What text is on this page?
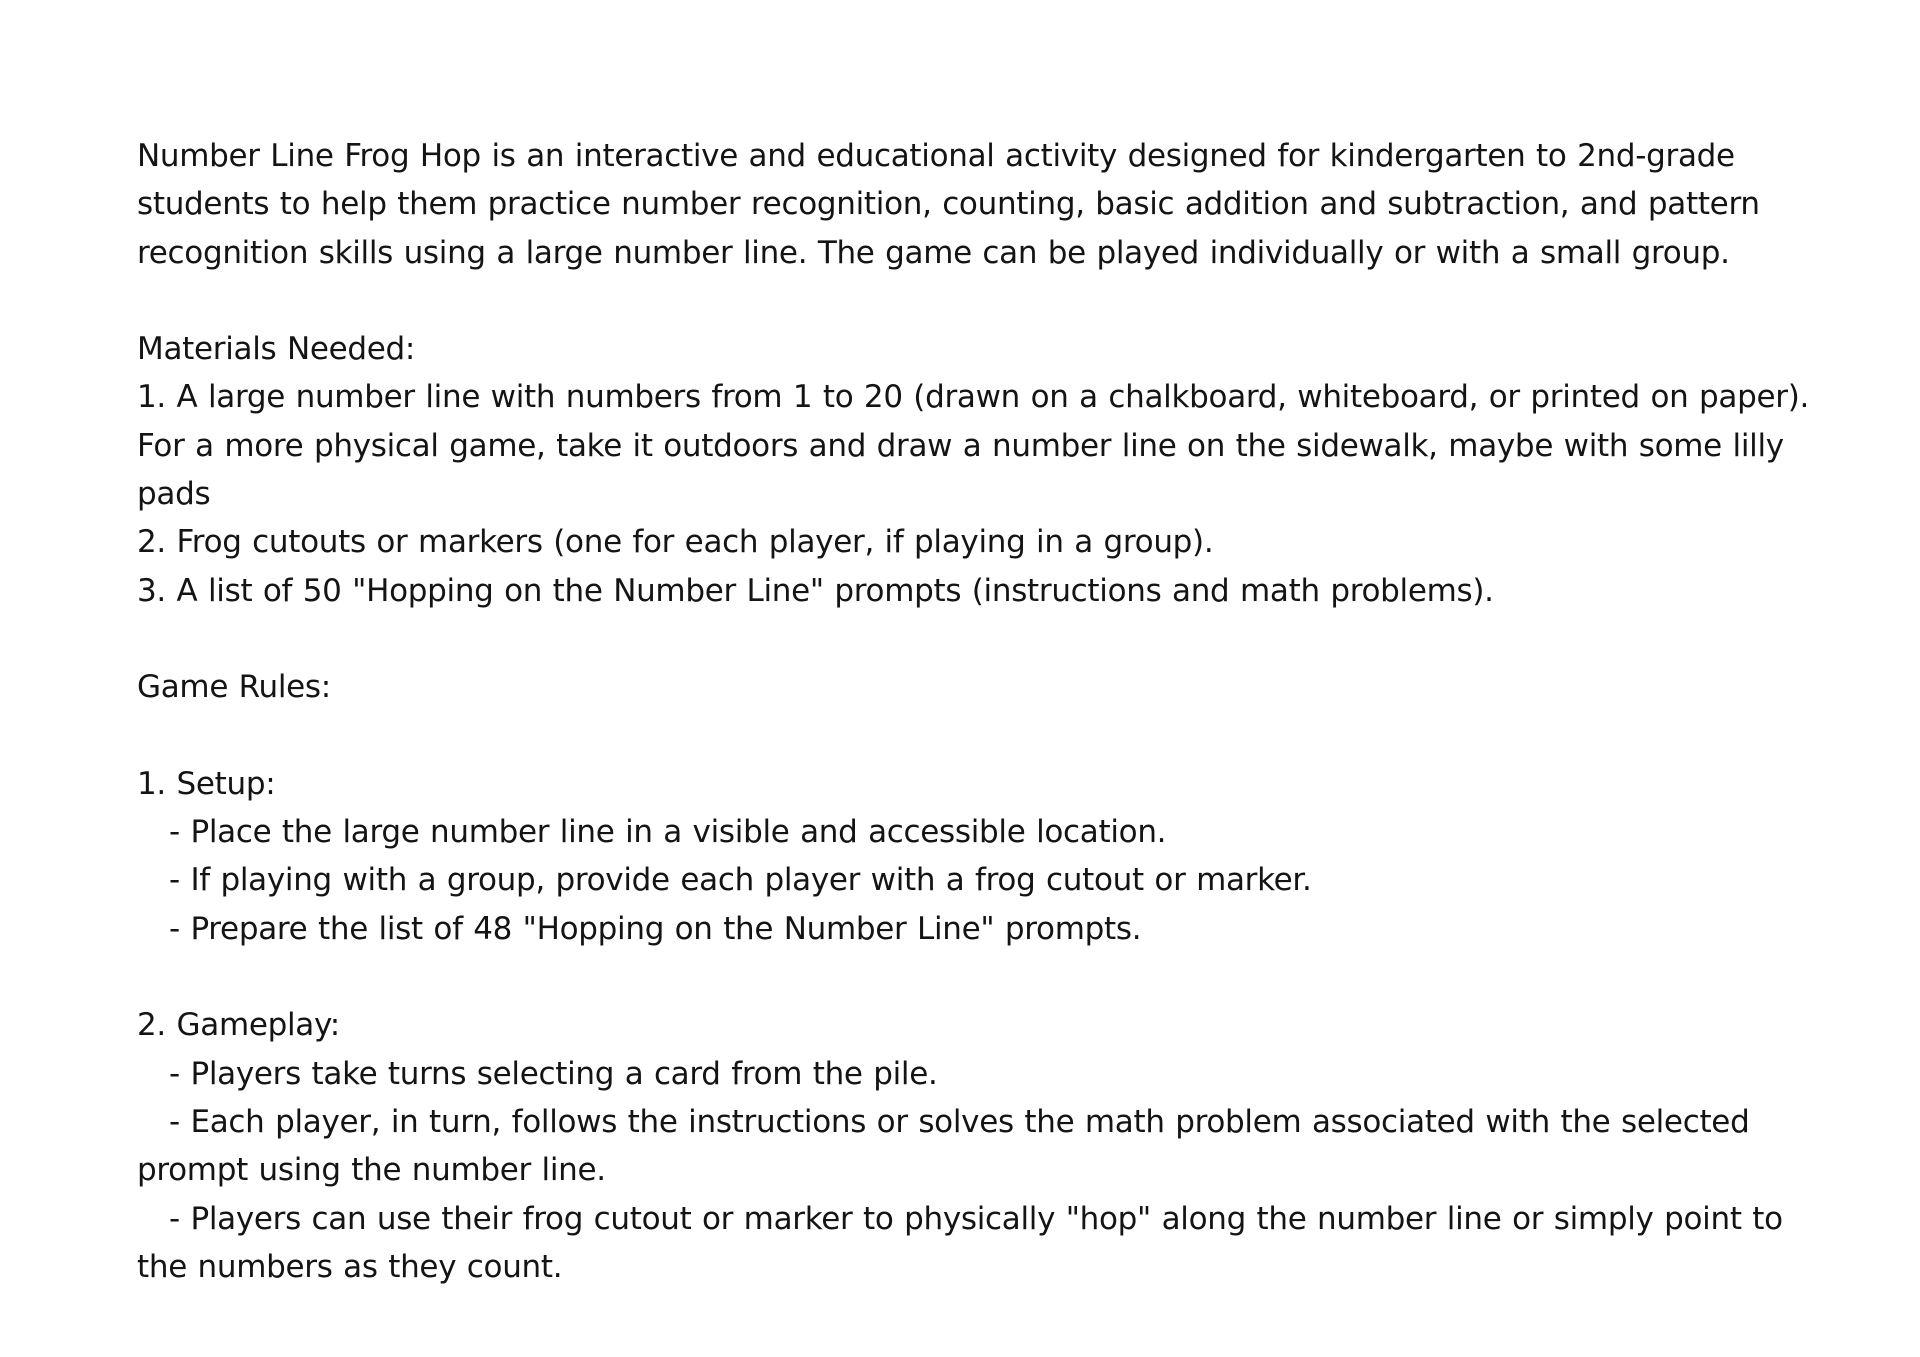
Number Line Frog Hop is an interactive and educational activity designed for kindergarten to 2nd-grade students to help them practice number recognition, counting, basic addition and subtraction, and pattern recognition skills using a large number line. The game can be played individually or with a small group.

Materials Needed:

1. A large number line with numbers from 1 to 20 (drawn on a chalkboard, whiteboard, or printed on paper). For a more physical game, take it outdoors and draw a number line on the sidewalk, maybe with some lilly pads

2. Frog cutouts or markers (one for each player, if playing in a group).

3. A list of 50 "Hopping on the Number Line" prompts (instructions and math problems).

Game Rules:

1. Setup:

- Place the large number line in a visible and accessible location.

- If playing with a group, provide each player with a frog cutout or marker.

- Prepare the list of 48 "Hopping on the Number Line" prompts.

2. Gameplay:

- Players take turns selecting a card from the pile.

- Each player, in turn, follows the instructions or solves the math problem associated with the selected prompt using the number line.

- Players can use their frog cutout or marker to physically "hop" along the number line or simply point to the numbers as they count.
